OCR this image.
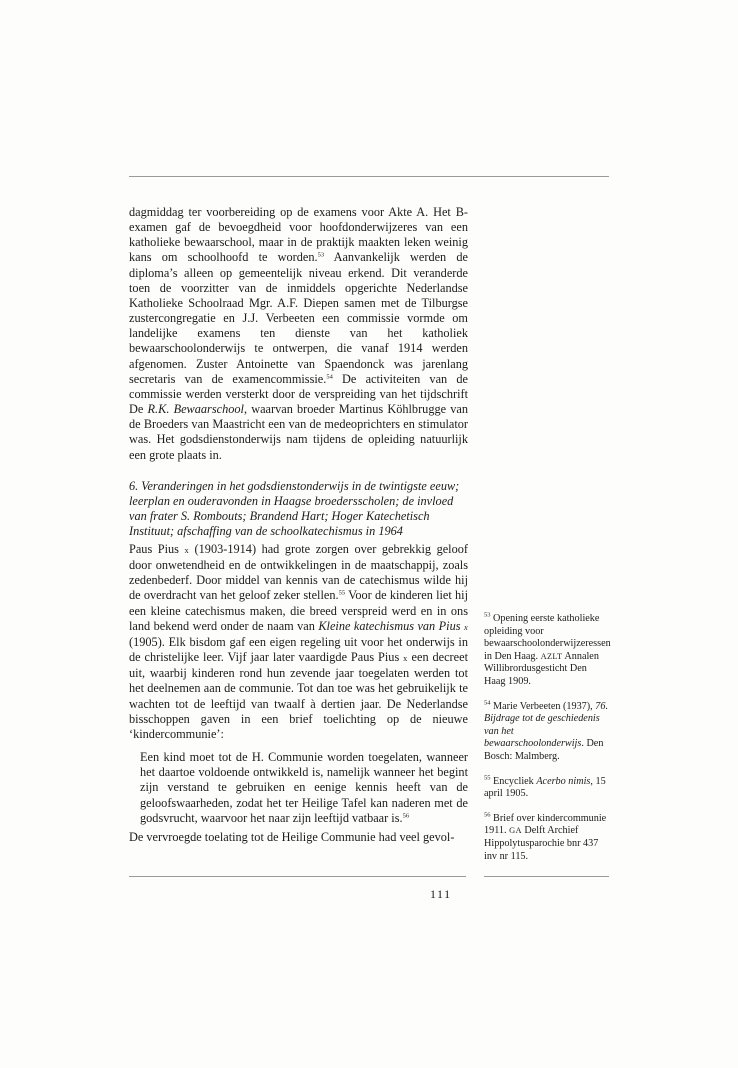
dagmiddag ter voorbereiding op de examens voor Akte A. Het B-examen gaf de bevoegdheid voor hoofdonderwijzeres van een katholieke bewaarschool, maar in de praktijk maakten leken weinig kans om schoolhoofd te worden.$^{53}$ Aanvankelijk werden de diploma’s alleen op gemeentelijk niveau erkend. Dit veranderde toen de voorzitter van de inmiddels opgerichte Nederlandse Katholieke Schoolraad Mgr. A.F. Diepen samen met de Tilburgse zustercongregatie en J.J. Verbeeten een commissie vormde om landelijke examens ten dienste van het katholiek bewaarschoolonderwijs te ontwerpen, die vanaf 1914 werden afgenomen. Zuster Antoinette van Spaendonck was jarenlang secretaris van de examencommissie.$^{54}$ De activiteiten van de commissie werden versterkt door de verspreiding van het tijdschrift De R.K. Bewaarschool, waarvan broeder Martinus Köhlbrugge van de Broeders van Maastricht een van de medeoprichters en stimulator was. Het godsdienstonderwijs nam tijdens de opleiding natuurlijk een grote plaats in.

6. Veranderingen in het godsdienstonderwijs in de twintigste eeuw; leerplan en ouderavonden in Haagse broedersscholen; de invloed van frater S. Rombouts; Brandend Hart; Hoger Katechetisch Instituut; afschaffing van de schoolkatechismus in 1964

Paus Pius x (1903-1914) had grote zorgen over gebrekkig geloof door onwetendheid en de ontwikkelingen in de maatschappij, zoals zedenbederf. Door middel van kennis van de catechismus wilde hij de overdracht van het geloof zeker stellen.$^{55}$ Voor de kinderen liet hij een kleine catechismus maken, die breed verspreid werd en in ons land bekend werd onder de naam van Kleine katechismus van Pius x (1905). Elk bisdom gaf een eigen regeling uit voor het onderwijs in de christelijke leer. Vijf jaar later vaardigde Paus Pius x een decreet uit, waarbij kinderen rond hun zevende jaar toegelaten werden tot het deelnemen aan de communie. Tot dan toe was het gebruikelijk te wachten tot de leeftijd van twaalf à dertien jaar. De Nederlandse bisschoppen gaven in een brief toelichting op de nieuwe ‘kindercommunie’:

Een kind moet tot de H. Communie worden toegelaten, wanneer het daartoe voldoende ontwikkeld is, namelijk wanneer het begint zijn verstand te gebruiken en eenige kennis heeft van de geloofswaarheden, zodat het ter Heilige Tafel kan naderen met de godsvrucht, waarvoor het naar zijn leeftijd vatbaar is.$^{56}$

De vervroegde toelating tot de Heilige Communie had veel gevol-

$^{53}$ Opening eerste katholieke opleiding voor bewaarschoolonderwijzeressen in Den Haag. AZLT Annalen Willibrordusgesticht Den Haag 1909.

$^{54}$ Marie Verbeeten (1937), 76. Bijdrage tot de geschiedenis van het bewaarschoolonderwijs. Den Bosch: Malmberg.

$^{55}$ Encycliek Acerbo nimis, 15 april 1905.

$^{56}$ Brief over kindercommunie 1911. GA Delft Archief Hippolytusparochie bnr 437 inv nr 115.

111
